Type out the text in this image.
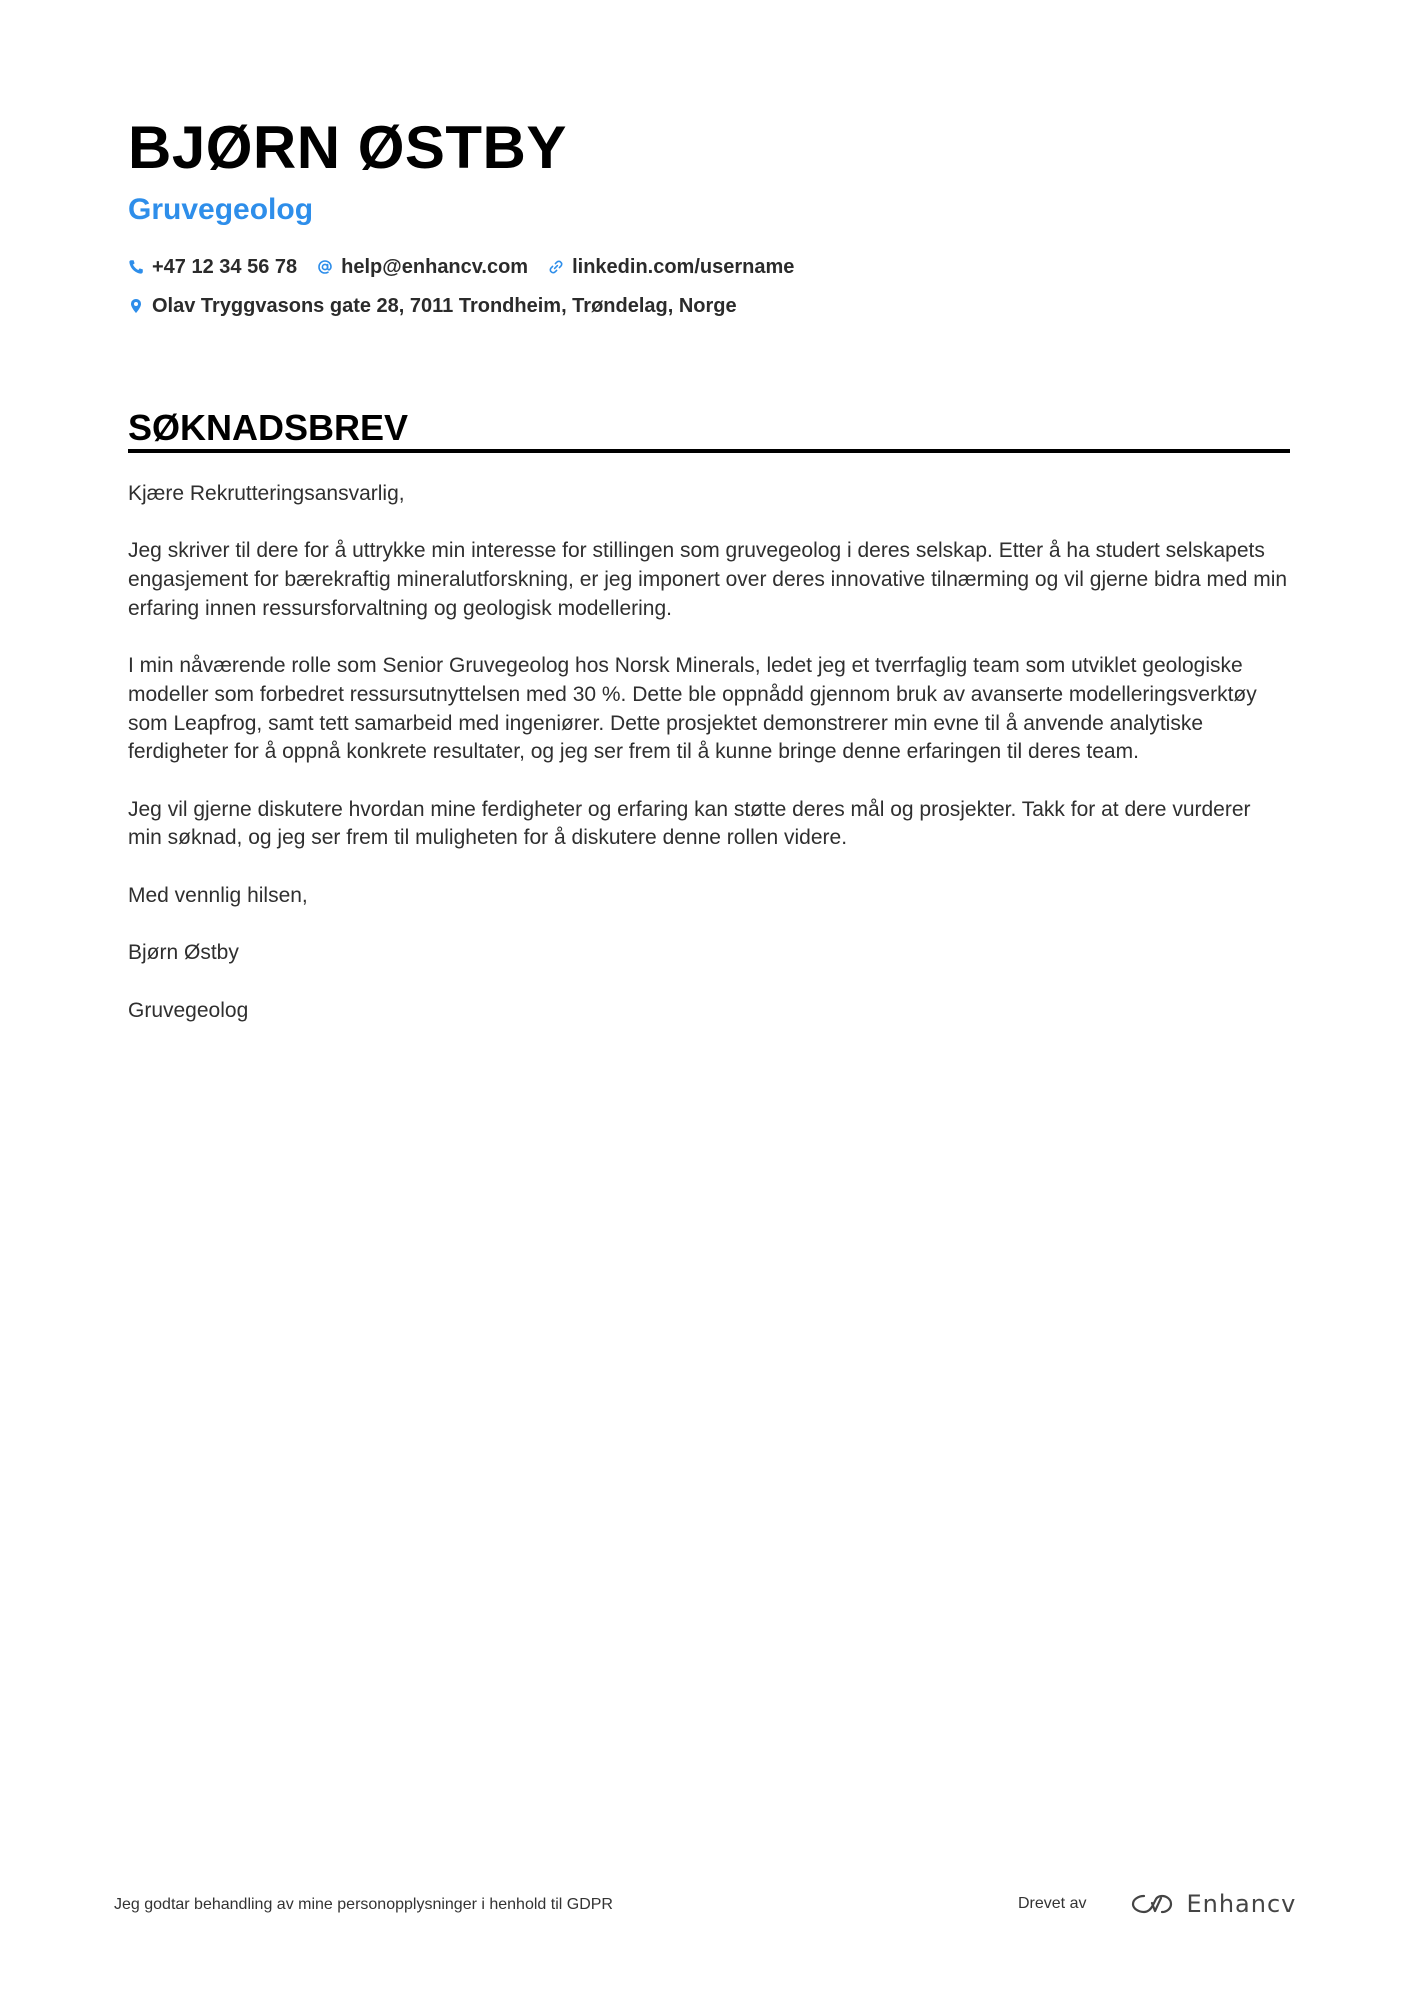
BJØRN ØSTBY
Gruvegeolog
+47 12 34 56 78 help@enhancv.com linkedin.com/username
Olav Tryggvasons gate 28, 7011 Trondheim, Trøndelag, Norge
SØKNADSBREV

Kjære Rekrutteringsansvarlig,

Jeg skriver til dere for å uttrykke min interesse for stillingen som gruvegeolog i deres selskap. Etter å ha studert selskapets engasjement for bærekraftig mineralutforskning, er jeg imponert over deres innovative tilnærming og vil gjerne bidra med min erfaring innen ressursforvaltning og geologisk modellering.

I min nåværende rolle som Senior Gruvegeolog hos Norsk Minerals, ledet jeg et tverrfaglig team som utviklet geologiske modeller som forbedret ressursutnyttelsen med 30 %. Dette ble oppnådd gjennom bruk av avanserte modelleringsverktøy som Leapfrog, samt tett samarbeid med ingeniører. Dette prosjektet demonstrerer min evne til å anvende analytiske ferdigheter for å oppnå konkrete resultater, og jeg ser frem til å kunne bringe denne erfaringen til deres team.

Jeg vil gjerne diskutere hvordan mine ferdigheter og erfaring kan støtte deres mål og prosjekter. Takk for at dere vurderer min søknad, og jeg ser frem til muligheten for å diskutere denne rollen videre.

Med vennlig hilsen,

Bjørn Østby

Gruvegeolog

Jeg godtar behandling av mine personopplysninger i henhold til GDPR	Drevet av	Enhancv
